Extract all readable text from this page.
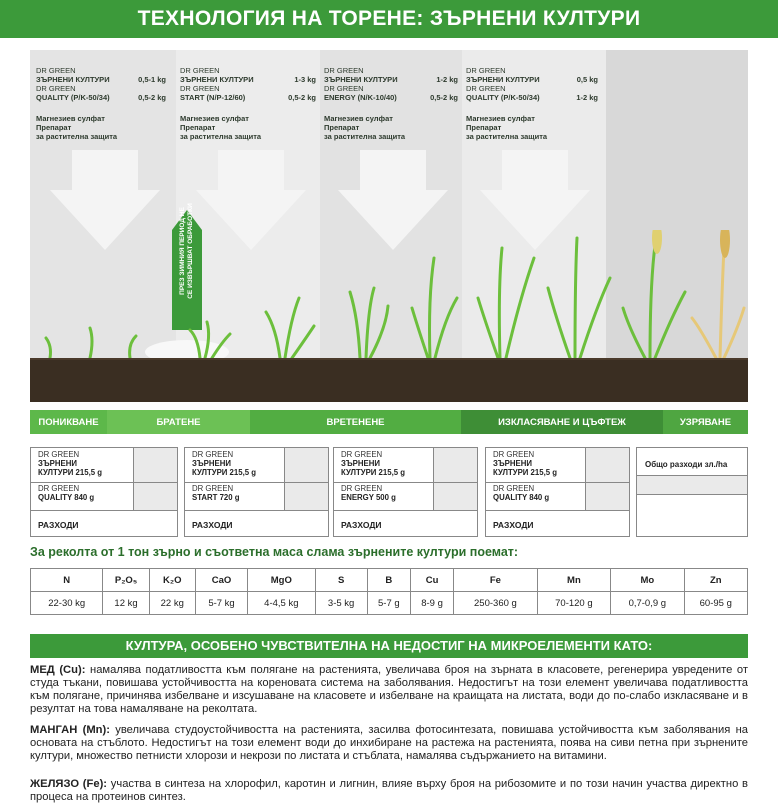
ТЕХНОЛОГИЯ НА ТОРЕНЕ: ЗЪРНЕНИ КУЛТУРИ
ПРЕЗ ЗИМНИЯ ПЕРИОД НЕ СЕ ИЗВЪРШВАТ ОБРАБОТКИ
DR GREEN
ЗЪРНЕНИ КУЛТУРИ	0,5-1 kg
DR GREEN
QUALITY (P/K-50/34)	0,5-2 kg
Магнезиев сулфат
Препарат
за растителна защита
DR GREEN
ЗЪРНЕНИ КУЛТУРИ	1-3 kg
DR GREEN
START (N/P-12/60)	0,5-2 kg
Магнезиев сулфат
Препарат
за растителна защита
DR GREEN
ЗЪРНЕНИ КУЛТУРИ	1-2 kg
DR GREEN
ENERGY (N/K-10/40)	0,5-2 kg
Магнезиев сулфат
Препарат
за растителна защита
DR GREEN
ЗЪРНЕНИ КУЛТУРИ	0,5 kg
DR GREEN
QUALITY (P/K-50/34)	1-2 kg
Магнезиев сулфат
Препарат
за растителна защита
ПОНИКВАНЕ	БРАТЕНЕ	ВРЕТЕНЕНЕ	ИЗКЛАСЯВАНЕ И ЦЪФТЕЖ	УЗРЯВАНЕ
DR GREEN
ЗЪРНЕНИ
КУЛТУРИ 215,5 g
DR GREEN
QUALITY 840 g
РАЗХОДИ
DR GREEN
ЗЪРНЕНИ
КУЛТУРИ 215,5 g
DR GREEN
START 720 g
РАЗХОДИ
DR GREEN
ЗЪРНЕНИ
КУЛТУРИ 215,5 g
DR GREEN
ENERGY 500 g
РАЗХОДИ
DR GREEN
ЗЪРНЕНИ
КУЛТУРИ 215,5 g
DR GREEN
QUALITY 840 g
РАЗХОДИ
Общо разходи зл./ha
За реколта от 1 тон зърно и съответна маса слама зърнените култури поемат:
N	P₂O₅	K₂O	CaO	MgO	S	B	Cu	Fe	Mn	Mo	Zn
22-30 kg	12 kg	22 kg	5-7 kg	4-4,5 kg	3-5 kg	5-7 g	8-9 g	250-360 g	70-120 g	0,7-0,9 g	60-95 g
КУЛТУРА, ОСОБЕНО ЧУВСТВИТЕЛНА НА НЕДОСТИГ НА МИКРОЕЛЕМЕНТИ КАТО:
МЕД (Cu): намалява податливостта към полягане на растенията, увеличава броя на зърната в класовете, регенерира увредените от студа тъкани, повишава устойчивостта на кореновата система на заболявания. Недостигът на този елемент увеличава податливостта към полягане, причинява избелване и изсушаване на класовете и избелване на краищата на листата, води до по-слабо изкласяване и в резултат на това намаляване на реколтата.
МАНГАН (Mn): увеличава студоустойчивостта на растенията, засилва фотосинтезата, повишава устойчивостта към заболявания на основата на стъблото. Недостигът на този елемент води до инхибиране на растежа на растенията, поява на сиви петна при зърнените култури, множество петнисти хлорози и некрози по листата и стъблата, намалява съдържанието на витамини.
ЖЕЛЯЗО (Fe): участва в синтеза на хлорофил, каротин и лигнин, влияе върху броя на рибозомите и по този начин участва директно в процеса на протеинов синтез.
